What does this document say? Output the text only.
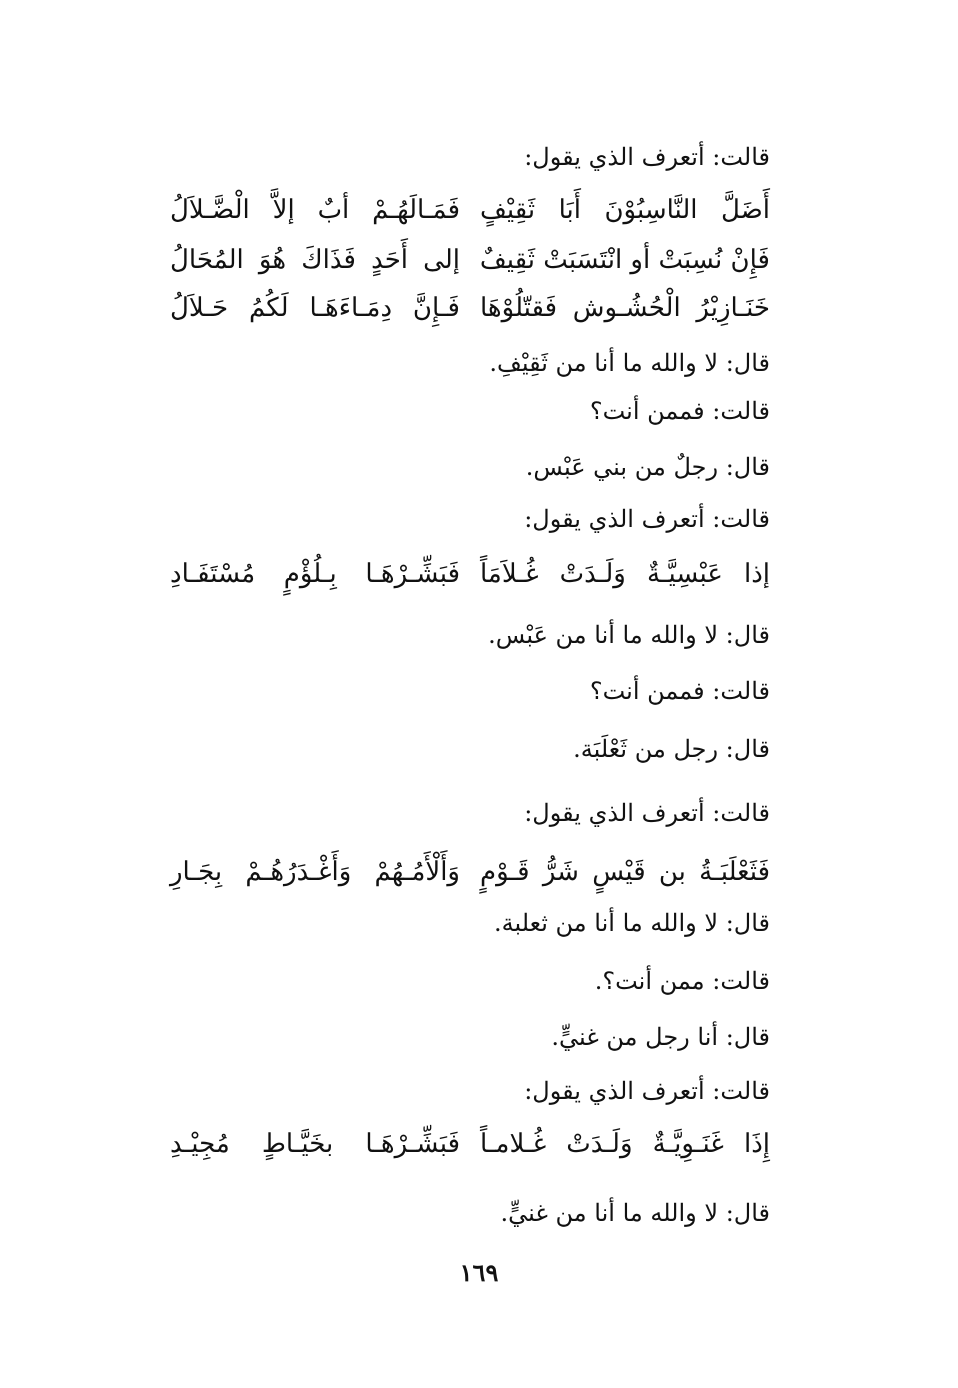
قالت: أتعرف الذي يقول:
أَضَلَّ النَّاسِبُوْنَ أَبَا ثَقِيْفٍ
فَمَـالَهُـمْ أبٌ إلاَّ الْضَّـلاَلُ
فَإِنْ نُسِبَتْ أو انْتَسَبَتْ ثَقِيفٌ
إلى أَحَدٍ فَذَاكَ هُوَ المُحَالُ
خَنَـازِيْرُ الْحُشُـوش فَقتّلُوْهَا
فَـإِنَّ دِمَـاءَهَـا لَكُمُ حَـلاَلُ
قال: لا والله ما أنا من ثَقِيْفِ.
قالت: فممن أنت؟
قال: رجلٌ من بني عَبْس.
قالت: أتعرف الذي يقول:
إذا عَبْسِيَّـةٌ وَلَـدَتْ غُـلاَمَاً
فَبَشِّـرْهَـا بِـلُؤْمٍ مُسْتَفَـادِ
قال: لا والله ما أنا من عَبْس.
قالت: فممن أنت؟
قال: رجل من ثَعْلَبَة.
قالت: أتعرف الذي يقول:
فَثَعْلَبَـةُ بن قَيْسٍ شَرُّ قَـوْمٍ
وَأَلْأَمُـهُمْ وَأَغْـدَرُهُـمْ بِجَـارِ
قال: لا والله ما أنا من ثعلبة.
قالت: ممن أنت؟.
قال: أنا رجل من غنيٍّ.
قالت: أتعرف الذي يقول:
إِذَا غَنَـوِيَّـةٌ وَلَـدَتْ غُـلامـاً
فَبَشِّـرْهَـا بخَيَّـاطٍ مُجِيْـدِ
قال: لا والله ما أنا من غنيٍّ.
١٦٩
